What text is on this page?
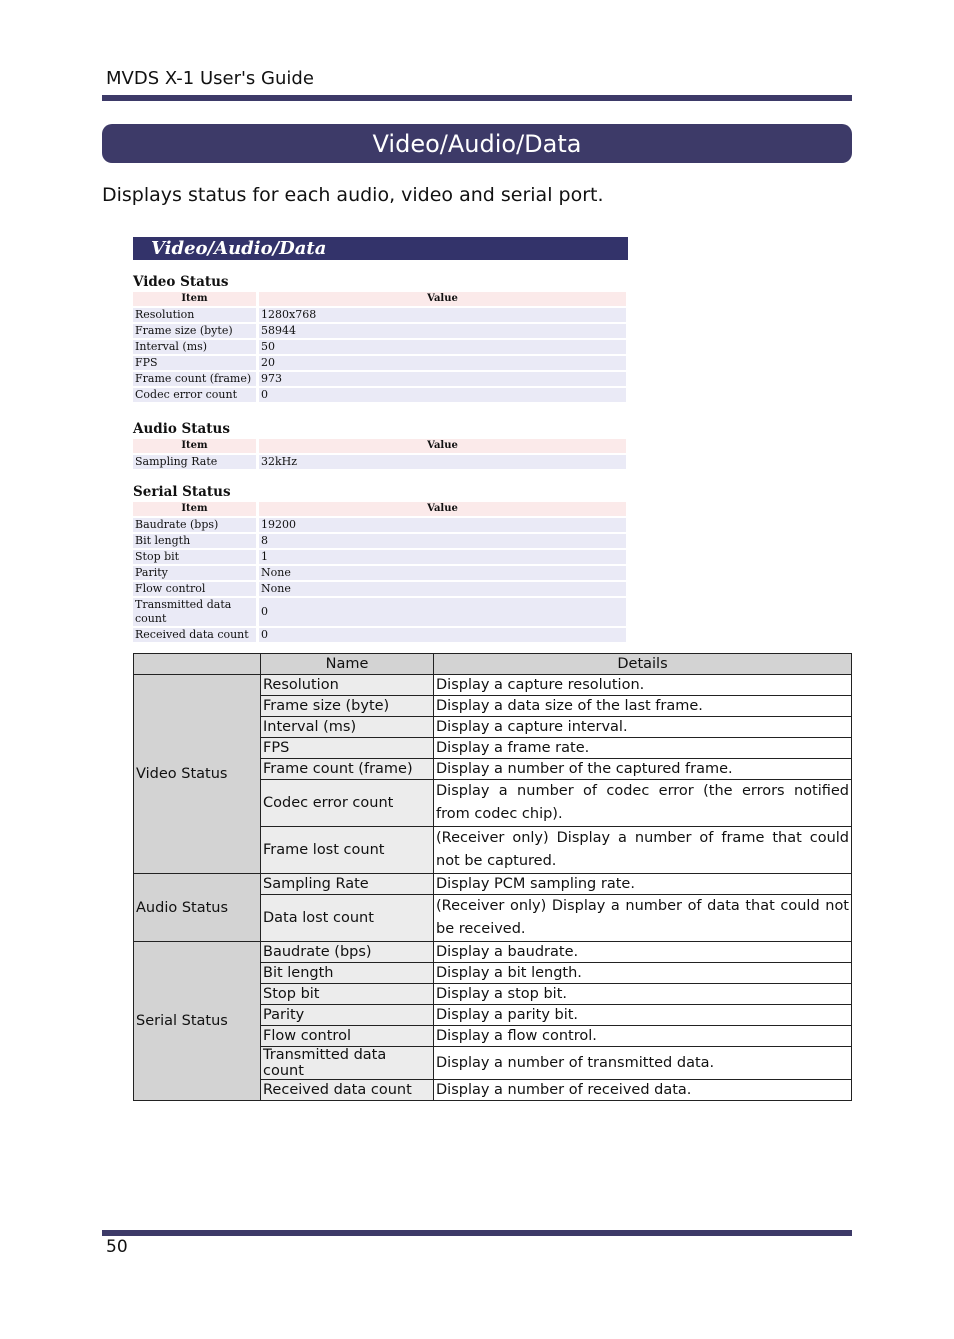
MVDS X-1 User's Guide
Video/Audio/Data
Displays status for each audio, video and serial port.
Video/Audio/Data
Video Status
Item		Value
Resolution		1280x768
Frame size (byte)		58944
Interval (ms)		50
FPS		20
Frame count (frame)		973
Codec error count		0
Audio Status
Item		Value
Sampling Rate		32kHz
Serial Status
Item		Value
Baudrate (bps)		19200
Bit length		8
Stop bit		1
Parity		None
Flow control		None
Transmitted data count		0
Received data count		0
	Name	Details
Video Status	Resolution	Display a capture resolution.
	Frame size (byte)	Display a data size of the last frame.
	Interval (ms)	Display a capture interval.
	FPS	Display a frame rate.
	Frame count (frame)	Display a number of the captured frame.
	Codec error count	Display a number of codec error (the errors notified from codec chip).
	Frame lost count	(Receiver only) Display a number of frame that could not be captured.
Audio Status	Sampling Rate	Display PCM sampling rate.
	Data lost count	(Receiver only) Display a number of data that could not be received.
Serial Status	Baudrate (bps)	Display a baudrate.
	Bit length	Display a bit length.
	Stop bit	Display a stop bit.
	Parity	Display a parity bit.
	Flow control	Display a flow control.
	Transmitted data count	Display a number of transmitted data.
	Received data count	Display a number of received data.
50
